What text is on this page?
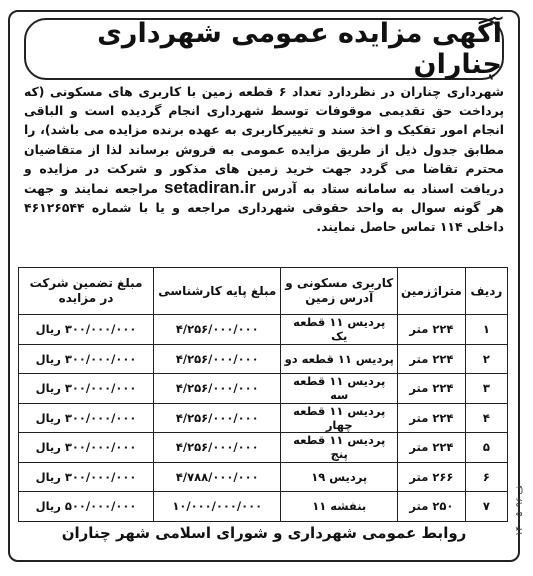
آگهی مزایده عمومی شهرداری چناران
شهرداری چناران در نظردارد تعداد ۶ قطعه زمین با کاربری های مسکونی (که پرداخت حق تقدیمی موقوفات توسط شهرداری انجام گردیده است و الباقی انجام امور تفکیک و اخذ سند و تغییرکاربری به عهده برنده مزایده می باشد)، را مطابق جدول ذیل از طریق مزایده عمومی به فروش برساند لذا از متقاضیان محترم تقاضا می گردد جهت خرید زمین های مذکور و شرکت در مزایده و دریافت اسناد به سامانه ستاد به آدرس setadiran.ir مراجعه نمایند و جهت هر گونه سوال به واحد حقوقی شهرداری مراجعه و یا با شماره ۴۶۱۲۶۵۴۴ داخلی ۱۱۴ تماس حاصل نمایند.
ردیف	متراژزمین	کاربری مسکونی و آدرس زمین	مبلغ پایه کارشناسی	مبلغ تضمین شرکت در مزایده
۱	۲۲۴ متر	پردیس ۱۱ قطعه یک	۴/۲۵۶/۰۰۰/۰۰۰	۳۰۰/۰۰۰/۰۰۰ ریال
۲	۲۲۴ متر	پردیس ۱۱ قطعه دو	۴/۲۵۶/۰۰۰/۰۰۰	۳۰۰/۰۰۰/۰۰۰ ریال
۳	۲۲۴ متر	پردیس ۱۱ قطعه سه	۴/۲۵۶/۰۰۰/۰۰۰	۳۰۰/۰۰۰/۰۰۰ ریال
۴	۲۲۴ متر	پردیس ۱۱ قطعه چهار	۴/۲۵۶/۰۰۰/۰۰۰	۳۰۰/۰۰۰/۰۰۰ ریال
۵	۲۲۴ متر	پردیس ۱۱ قطعه پنج	۴/۲۵۶/۰۰۰/۰۰۰	۳۰۰/۰۰۰/۰۰۰ ریال
۶	۲۶۶ متر	پردیس ۱۹	۴/۷۸۸/۰۰۰/۰۰۰	۳۰۰/۰۰۰/۰۰۰ ریال
۷	۲۵۰ متر	بنفشه ۱۱	۱۰/۰۰۰/۰۰۰/۰۰۰	۵۰۰/۰۰۰/۰۰۰ ریال
روابط عمومی شهرداری و شورای اسلامی شهر چناران	ف ۱۴۰۰۵۰۹۶
